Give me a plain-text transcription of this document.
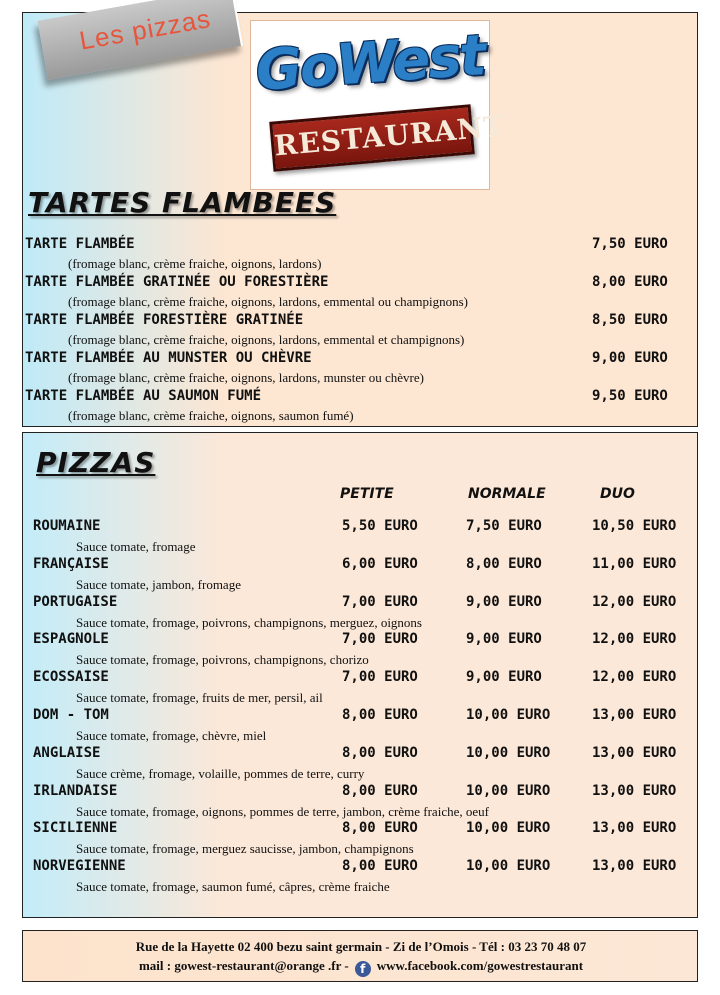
Rue de la Hayette 02 400 bezu saint germain - Zi de l’Omois - Tél : 03 23 70 48 07
mail : gowest-restaurant@orange .fr - f www.facebook.com/gowestrestaurant
Les pizzas GoWest
RESTAURANT
TARTES FLAMBEES
TARTE FLAMBÉE
(fromage blanc, crème fraiche, oignons, lardons)
7,50 EURO
TARTE FLAMBÉE GRATINÉE OU FORESTIÈRE
(fromage blanc, crème fraiche, oignons, lardons, emmental ou champignons)
8,00 EURO
TARTE FLAMBÉE FORESTIÈRE GRATINÉE
(fromage blanc, crème fraiche, oignons, lardons, emmental et champignons)
8,50 EURO
TARTE FLAMBÉE AU MUNSTER OU CHÈVRE
(fromage blanc, crème fraiche, oignons, lardons, munster ou chèvre)
9,00 EURO
TARTE FLAMBÉE AU SAUMON FUMÉ
(fromage blanc, crème fraiche, oignons, saumon fumé)
9,50 EURO
PIZZAS
PETITE	NORMALE	DUO
ROUMAINE
Sauce tomate, fromage
5,50 EURO	7,50 EURO	10,50 EURO
FRANÇAISE
Sauce tomate, jambon, fromage
6,00 EURO	8,00 EURO	11,00 EURO
PORTUGAISE
Sauce tomate, fromage, poivrons, champignons, merguez, oignons
7,00 EURO	9,00 EURO	12,00 EURO
ESPAGNOLE
Sauce tomate, fromage, poivrons, champignons, chorizo
7,00 EURO	9,00 EURO	12,00 EURO
ECOSSAISE
Sauce tomate, fromage, fruits de mer, persil, ail
7,00 EURO	9,00 EURO	12,00 EURO
DOM - TOM
Sauce tomate, fromage, chèvre, miel
8,00 EURO	10,00 EURO	13,00 EURO
ANGLAISE
Sauce crème, fromage, volaille, pommes de terre, curry
8,00 EURO	10,00 EURO	13,00 EURO
IRLANDAISE
Sauce tomate, fromage, oignons, pommes de terre, jambon, crème fraiche, oeuf
8,00 EURO	10,00 EURO	13,00 EURO
SICILIENNE
Sauce tomate, fromage, merguez saucisse, jambon, champignons
8,00 EURO	10,00 EURO	13,00 EURO
NORVEGIENNE
Sauce tomate, fromage, saumon fumé, câpres, crème fraiche
8,00 EURO	10,00 EURO	13,00 EURO
